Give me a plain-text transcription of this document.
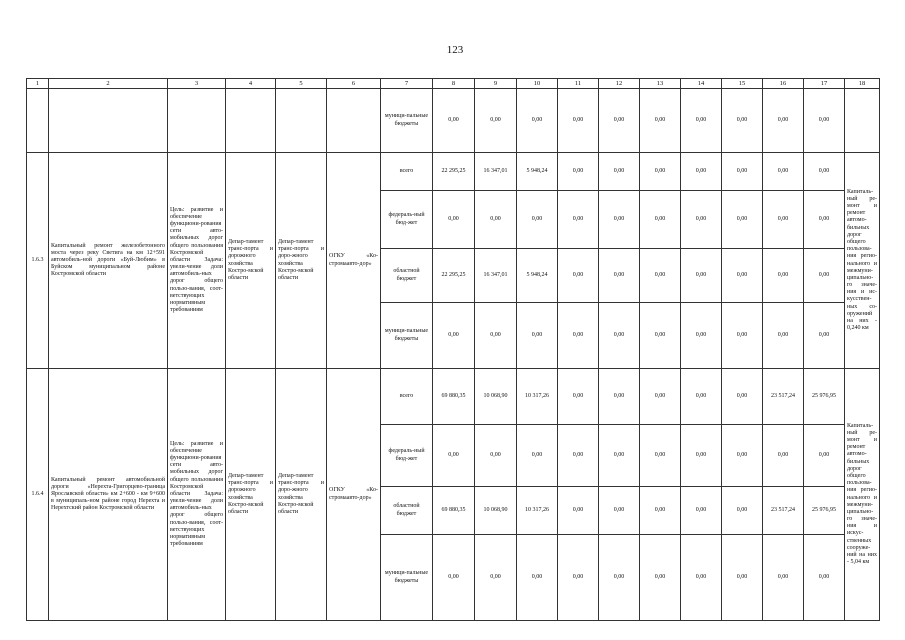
123
1	2	3	4	5	6	7	8	9	10	11	12	13	14	15	16	17	18
						муници-пальные бюджеты	0,00	0,00	0,00	0,00	0,00	0,00	0,00	0,00	0,00	0,00	
1.6.3	Капитальный ремонт железобетонного моста через реку Светига на км 12+591 автомобиль-ной дороги «Буй-Любим» в Буйском муниципальном районе Костромской области	Цель: развитие и обеспечение функциони-рования сети авто-мобильных дорог общего пользования Костромской области Задача: увели-чение доли автомобиль-ных дорог общего пользо-вания, соот-ветствующих нормативным требованиям	Депар-тамент транс-порта и дорожного хозяйства Костро-мской области	Депар-тамент транс-порта и доро-жного хозяйства Костро-мской области	ОГКУ «Ко-стромаавто-дор»	всего	22 295,25	16 347,01	5 948,24	0,00	0,00	0,00	0,00	0,00	0,00	0,00	Капиталь-ный ре-монт и ремонт автомо-бильных дорог общего пользова-ния регио-нального и межмуни-ципально-го значе-ния и ис-кусствен-ных со-оружений на них - 0,240 км
						федераль-ный бюд-жет	0,00	0,00	0,00	0,00	0,00	0,00	0,00	0,00	0,00	0,00	
						областной бюджет	22 295,25	16 347,01	5 948,24	0,00	0,00	0,00	0,00	0,00	0,00	0,00	
						муници-пальные бюджеты	0,00	0,00	0,00	0,00	0,00	0,00	0,00	0,00	0,00	0,00	
1.6.4	Капитальный ремонт автомобильной дороги «Нерехта-Григорцево-граница Ярославской области» км 2+600 - км 9+600 в муниципаль-ном районе город Нерехта и Нерехтский район Костромской области	Цель: развитие и обеспечение функциони-рования сети авто-мобильных дорог общего пользования Костромской области Задача: увели-чение доли автомобиль-ных дорог общего пользо-вания, соот-ветствующих нормативным требованиям	Депар-тамент транс-порта и дорожного хозяйства Костро-мской области	Депар-тамент транс-порта и доро-жного хозяйства Костро-мской области	ОГКУ «Ко-стромаавто-дор»	всего	69 880,35	10 068,90	10 317,26	0,00	0,00	0,00	0,00	0,00	23 517,24	25 976,95	Капиталь-ный ре-монт и ремонт автомо-бильных дорог общего пользова-ния регио-нального и межмуни-ципально-го значе-ния и искус-ственных сооруже-ний на них - 5,04 км
						федераль-ный бюд-жет	0,00	0,00	0,00	0,00	0,00	0,00	0,00	0,00	0,00	0,00	
						областной бюджет	69 880,35	10 068,90	10 317,26	0,00	0,00	0,00	0,00	0,00	23 517,24	25 976,95	
						муници-пальные бюджеты	0,00	0,00	0,00	0,00	0,00	0,00	0,00	0,00	0,00	0,00	
